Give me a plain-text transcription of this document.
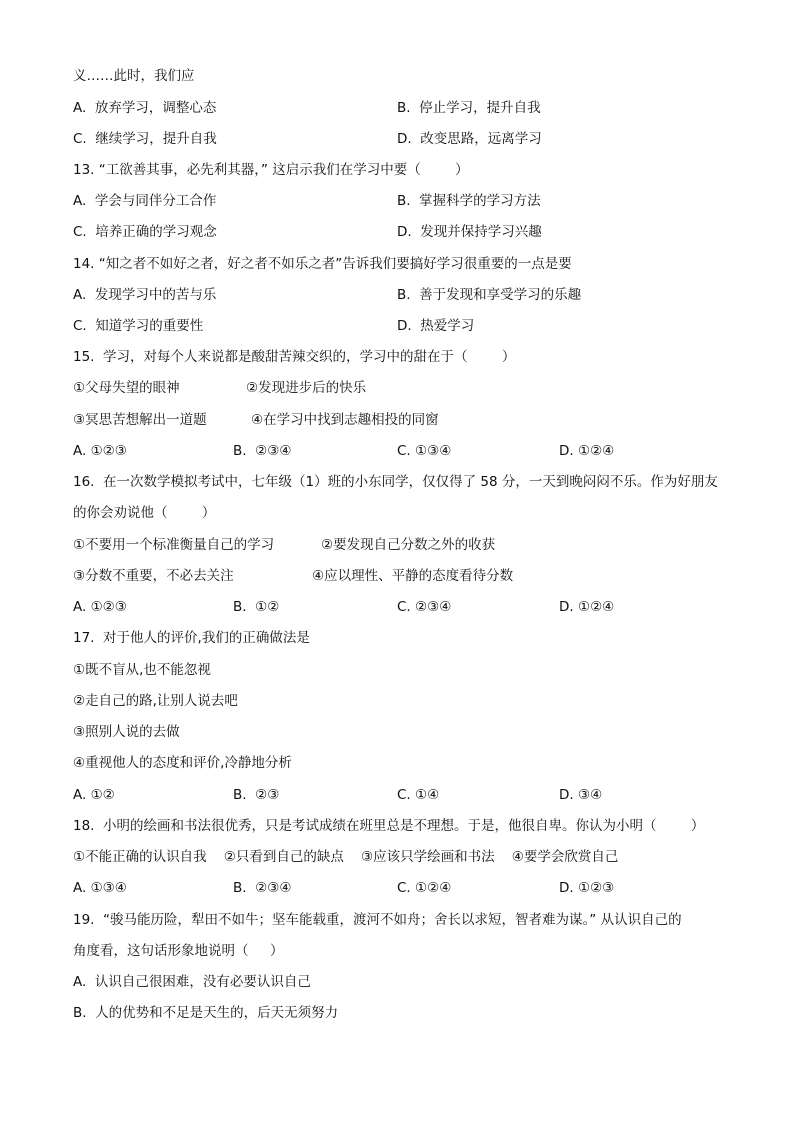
义……此时，我们应
A.  放弃学习，调整心态	B.  停止学习，提升自我
C.  继续学习，提升自我	D.  改变思路，远离学习
13. “工欲善其事，必先利其器，” 这启示我们在学习中要（        ）
A.  学会与同伴分工合作	B.  掌握科学的学习方法
C.  培养正确的学习观念	D.  发现并保持学习兴趣
14. “知之者不如好之者，好之者不如乐之者”告诉我们要搞好学习很重要的一点是要
A.  发现学习中的苦与乐	B.  善于发现和享受学习的乐趣
C.  知道学习的重要性	D.  热爱学习
15.  学习，对每个人来说都是酸甜苦辣交织的，学习中的甜在于（        ）
①父母失望的眼神	②发现进步后的快乐
③冥思苦想解出一道题	④在学习中找到志趣相投的同窗
A. ①②③	B.  ②③④	C. ①③④	D. ①②④
16.  在一次数学模拟考试中，七年级（1）班的小东同学，仅仅得了 58 分，一天到晚闷闷不乐。作为好朋友
的你会劝说他（        ）
①不要用一个标准衡量自己的学习	②要发现自己分数之外的收获
③分数不重要，不必去关注	④应以理性、平静的态度看待分数
A. ①②③	B.  ①②	C. ②③④	D. ①②④
17.  对于他人的评价,我们的正确做法是
①既不盲从,也不能忽视
②走自己的路,让别人说去吧
③照别人说的去做
④重视他人的态度和评价,冷静地分析
A. ①②	B.  ②③	C. ①④	D. ③④
18.  小明的绘画和书法很优秀，只是考试成绩在班里总是不理想。于是，他很自卑。你认为小明（        ）
①不能正确的认识自我    ②只看到自己的缺点    ③应该只学绘画和书法    ④要学会欣赏自己
A. ①③④	B.  ②③④	C. ①②④	D. ①②③
19.  “骏马能历险，犁田不如牛；坚车能载重，渡河不如舟；舍长以求短，智者难为谋。” 从认识自己的
角度看，这句话形象地说明（     ）
A.  认识自己很困难，没有必要认识自己
B.  人的优势和不足是天生的，后天无须努力
